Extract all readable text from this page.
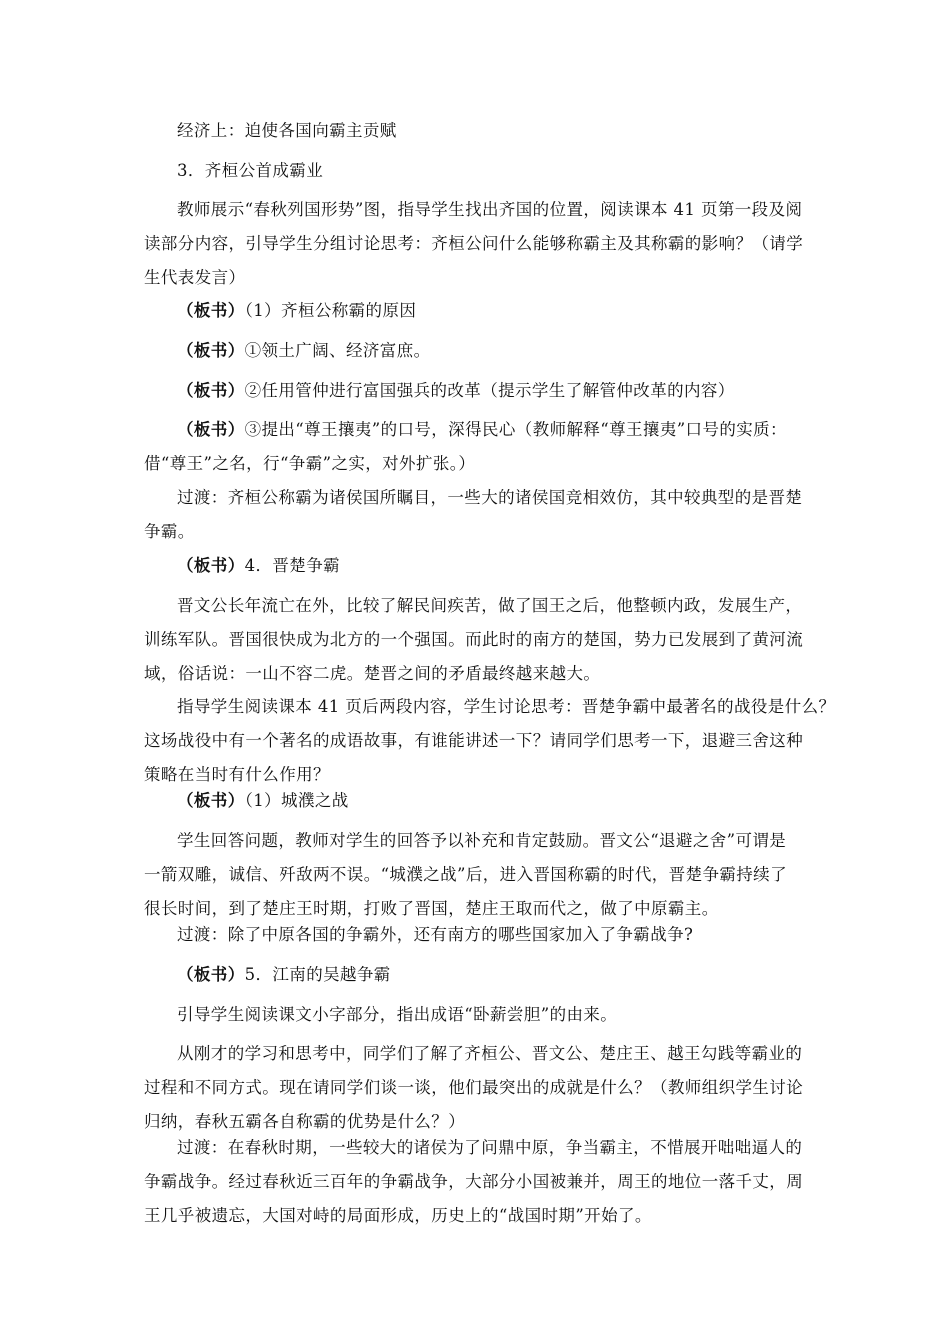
经济上：迫使各国向霸主贡赋
3．齐桓公首成霸业
教师展示“春秋列国形势”图，指导学生找出齐国的位置，阅读课本 41 页第一段及阅
读部分内容，引导学生分组讨论思考：齐桓公问什么能够称霸主及其称霸的影响？（请学
生代表发言）
（板书）（1）齐桓公称霸的原因
（板书）①领土广阔、经济富庶。
（板书）②任用管仲进行富国强兵的改革（提示学生了解管仲改革的内容）
（板书）③提出“尊王攘夷”的口号，深得民心（教师解释“尊王攘夷”口号的实质：
借“尊王”之名，行“争霸”之实，对外扩张。）
过渡：齐桓公称霸为诸侯国所瞩目，一些大的诸侯国竞相效仿，其中较典型的是晋楚
争霸。
（板书）4．晋楚争霸
晋文公长年流亡在外，比较了解民间疾苦，做了国王之后，他整顿内政，发展生产，
训练军队。晋国很快成为北方的一个强国。而此时的南方的楚国，势力已发展到了黄河流
域，俗话说：一山不容二虎。楚晋之间的矛盾最终越来越大。
指导学生阅读课本 41 页后两段内容，学生讨论思考：晋楚争霸中最著名的战役是什么？
这场战役中有一个著名的成语故事，有谁能讲述一下？请同学们思考一下，退避三舍这种
策略在当时有什么作用？
（板书）（1）城濮之战
学生回答问题，教师对学生的回答予以补充和肯定鼓励。晋文公“退避之舍”可谓是
一箭双雕，诚信、歼敌两不误。“城濮之战”后，进入晋国称霸的时代，晋楚争霸持续了
很长时间，到了楚庄王时期，打败了晋国，楚庄王取而代之，做了中原霸主。
过渡：除了中原各国的争霸外，还有南方的哪些国家加入了争霸战争?
（板书）5．江南的吴越争霸
引导学生阅读课文小字部分，指出成语“卧薪尝胆”的由来。
从刚才的学习和思考中，同学们了解了齐桓公、晋文公、楚庄王、越王勾践等霸业的
过程和不同方式。现在请同学们谈一谈，他们最突出的成就是什么？（教师组织学生讨论
归纳，春秋五霸各自称霸的优势是什么？）
过渡：在春秋时期，一些较大的诸侯为了问鼎中原，争当霸主，不惜展开咄咄逼人的
争霸战争。经过春秋近三百年的争霸战争，大部分小国被兼并，周王的地位一落千丈，周
王几乎被遗忘，大国对峙的局面形成，历史上的“战国时期”开始了。
